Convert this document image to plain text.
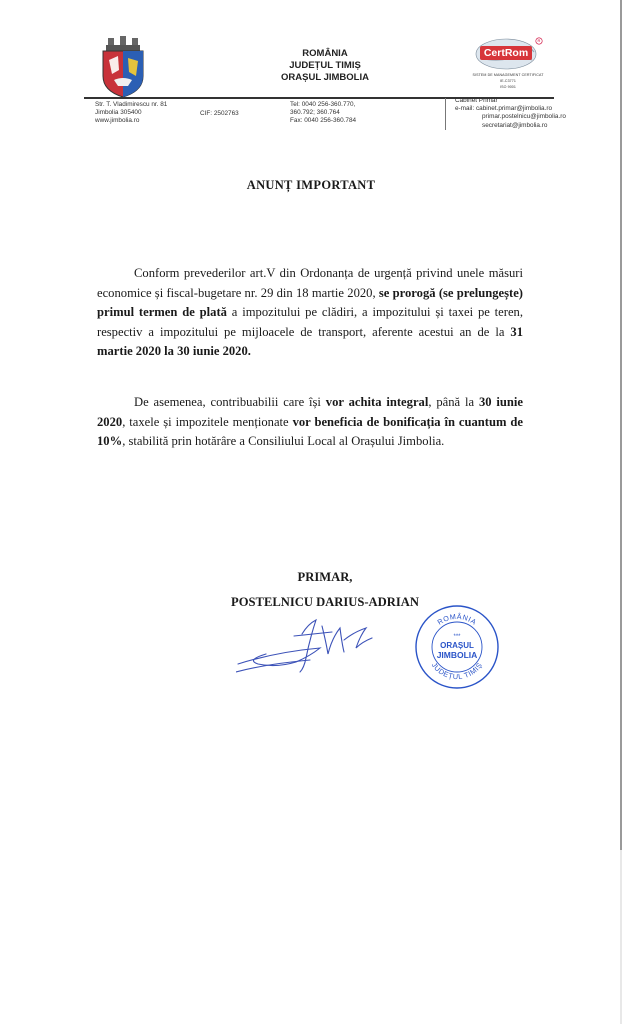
ROMÂNIA
JUDEȚUL TIMIȘ
ORAȘUL JIMBOLIA
CertRom
R
SISTEM DE MANAGEMENT CERTIFICAT
IE-C3771
ISO 9001
Str. T. Vladimirescu nr. 81
Jimbolia 305400
www.jimbolia.ro
CIF: 2502763
Tel: 0040 256-360.770,
360.792; 360.764
Fax: 0040 256-360.784
Cabinet Primar
e-mail: cabinet.primar@jimbolia.ro
primar.postelnicu@jimbolia.ro
secretariat@jimbolia.ro
ANUNȚ IMPORTANT

Conform prevederilor art.V din Ordonanța de urgență privind unele măsuri economice și fiscal-bugetare nr. 29 din 18 martie 2020, se prorogă (se prelungește) primul termen de plată a impozitului pe clădiri, a impozitului și taxei pe teren, respectiv a impozitului pe mijloacele de transport, aferente acestui an de la 31 martie 2020 la 30 iunie 2020.

De asemenea, contribuabilii care își vor achita integral, până la 30 iunie 2020, taxele și impozitele menționate vor beneficia de bonificația în cuantum de 10%, stabilită prin hotărâre a Consiliului Local al Orașului Jimbolia.

PRIMAR,
POSTELNICU DARIUS-ADRIAN
ROMÂNIA
JUDEȚUL TIMIȘ
***
ORAȘUL
JIMBOLIA
